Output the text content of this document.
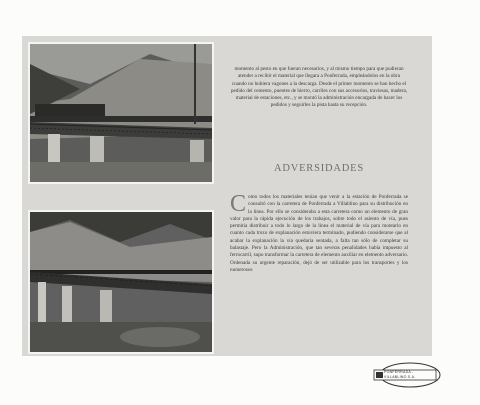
momento al pesto en que fueran necesarios, y al mismo tiempo para que pudieran atender a recibir el material que llegara a Ponferrada, empleándolos en la obra cuando no hubiera vagones a la descarga. Desde el primer momento se han hecho el pedido del cemento, puentes de hierro, carriles con sus accesorios, traviesas, madera, material de estaciones, etc., y se montó la administración encargada de hacer los pedidos y seguirles la pista hasta su recepción.
ADVERSIDADES
Como todos los materiales tenían que venir a la estación de Ponferrada se consultó con la carretera de Ponferrada a Villablino para su distribución en la línea. Por ello se consideraba a esta carretera como un elemento de gran valor para la rápida ejecución de los trabajos, sobre todo el asiento de vía, pues permitía distribuir a todo lo largo de la línea el material de vía para montarlo en cuanto cada trozo de explanación estuviera terminado, pudiendo considerarse que al acabar la explanación la vía quedaría sentada, a falta tan sólo de completar su balastaje. Pero la Administración, que tan severas penalidades había impuesto al ferrocarril, supo transformar la carretera de elemento auxiliar en elemento adversario. Ordenada su urgente reparación, dejó de ser utilizable para los transportes y los numerosos
PONFERRADA - VILLABLINO S.A.
